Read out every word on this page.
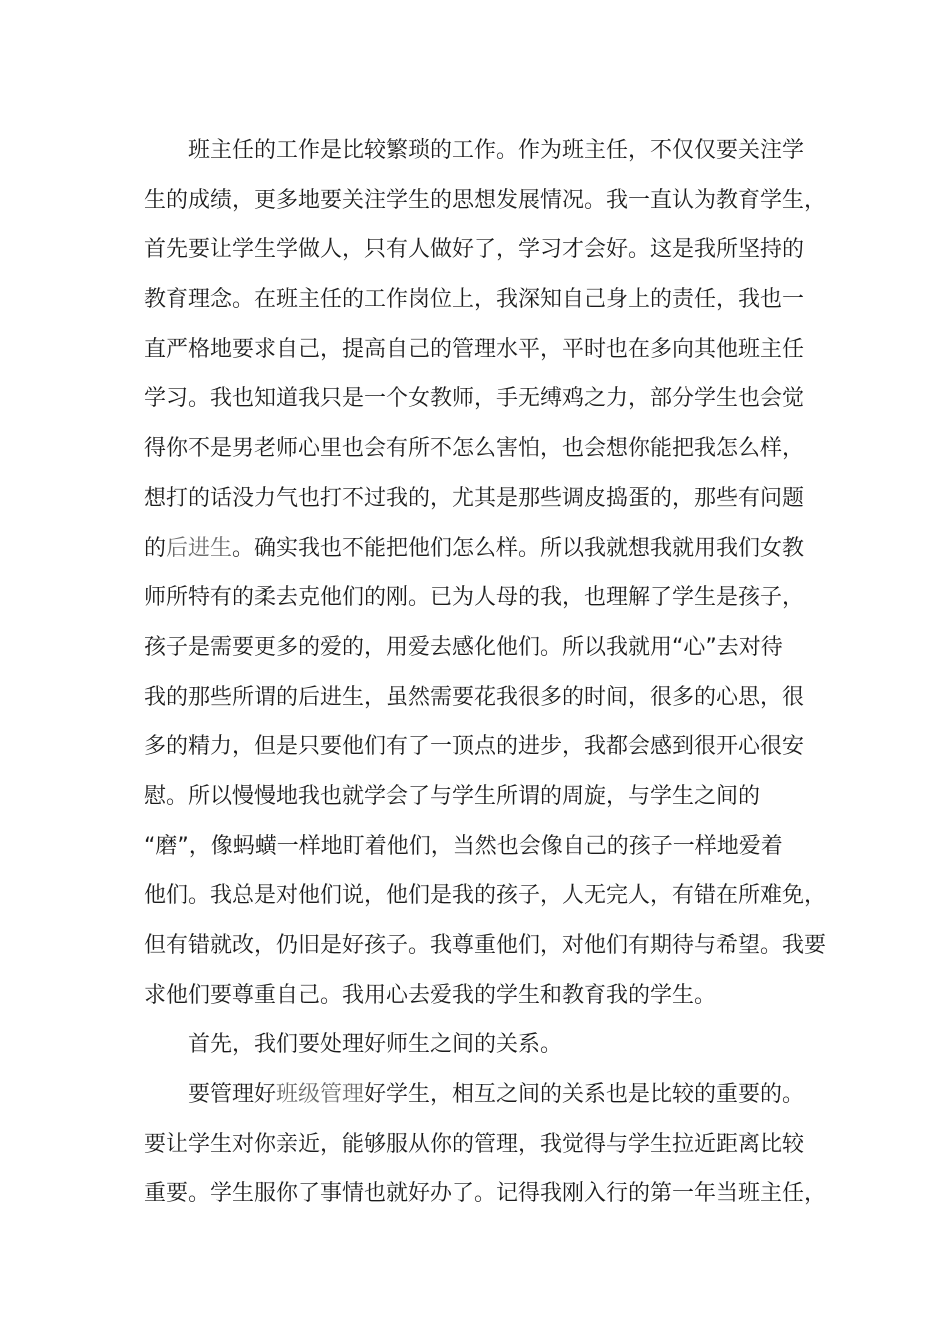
班主任的工作是比较繁琐的工作。作为班主任，不仅仅要关注学
生的成绩，更多地要关注学生的思想发展情况。我一直认为教育学生，
首先要让学生学做人，只有人做好了，学习才会好。这是我所坚持的
教育理念。在班主任的工作岗位上，我深知自己身上的责任，我也一
直严格地要求自己，提高自己的管理水平，平时也在多向其他班主任
学习。我也知道我只是一个女教师，手无缚鸡之力，部分学生也会觉
得你不是男老师心里也会有所不怎么害怕，也会想你能把我怎么样，
想打的话没力气也打不过我的，尤其是那些调皮捣蛋的，那些有问题
的后进生。确实我也不能把他们怎么样。所以我就想我就用我们女教
师所特有的柔去克他们的刚。已为人母的我，也理解了学生是孩子，
孩子是需要更多的爱的，用爱去感化他们。所以我就用“心”去对待
我的那些所谓的后进生，虽然需要花我很多的时间，很多的心思，很
多的精力，但是只要他们有了一顶点的进步，我都会感到很开心很安
慰。所以慢慢地我也就学会了与学生所谓的周旋，与学生之间的
“磨”，像蚂蟥一样地盯着他们，当然也会像自己的孩子一样地爱着
他们。我总是对他们说，他们是我的孩子，人无完人，有错在所难免，
但有错就改，仍旧是好孩子。我尊重他们，对他们有期待与希望。我要
求他们要尊重自己。我用心去爱我的学生和教育我的学生。
首先，我们要处理好师生之间的关系。
要管理好班级管理好学生，相互之间的关系也是比较的重要的。
要让学生对你亲近，能够服从你的管理，我觉得与学生拉近距离比较
重要。学生服你了事情也就好办了。记得我刚入行的第一年当班主任，
